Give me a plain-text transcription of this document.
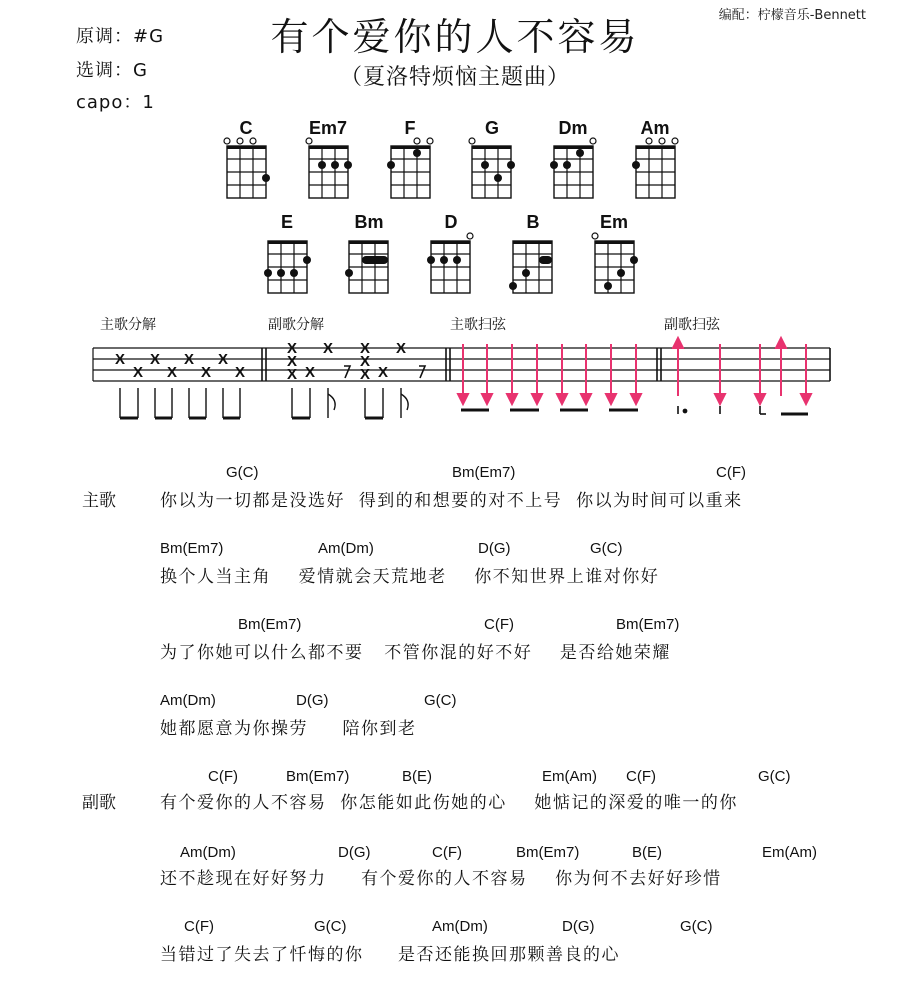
原调：#G
选调：G
capo：1
有个爱你的人不容易
（夏洛特烦恼主题曲）
编配：柠檬音乐-Bennett
C	Em7	F	G	Dm	Am
E	Bm	D	B	Em
主歌分解	副歌分解	主歌扫弦	副歌扫弦
X
X
X
X
X
X
X
X
X
X
X X
X X
X
X X
X
主歌
副歌
G(C)	Bm(Em7)	C(F)
你以为一切都是没选好  得到的和想要的对不上号  你以为时间可以重来
Bm(Em7)	Am(Dm)	D(G)	G(C)
换个人当主角    爱情就会天荒地老    你不知世界上谁对你好
Bm(Em7)	C(F)	Bm(Em7)
为了你她可以什么都不要   不管你混的好不好    是否给她荣耀
Am(Dm)	D(G)	G(C)
她都愿意为你操劳     陪你到老
C(F)	Bm(Em7)	B(E)	Em(Am) C(F)	G(C)
有个爱你的人不容易  你怎能如此伤她的心    她惦记的深爱的唯一的你
Am(Dm)	D(G)	C(F)	Bm(Em7)	B(E)	Em(Am)
还不趁现在好好努力     有个爱你的人不容易    你为何不去好好珍惜
C(F)	G(C)	Am(Dm)	D(G)	G(C)
当错过了失去了忏悔的你     是否还能换回那颗善良的心
